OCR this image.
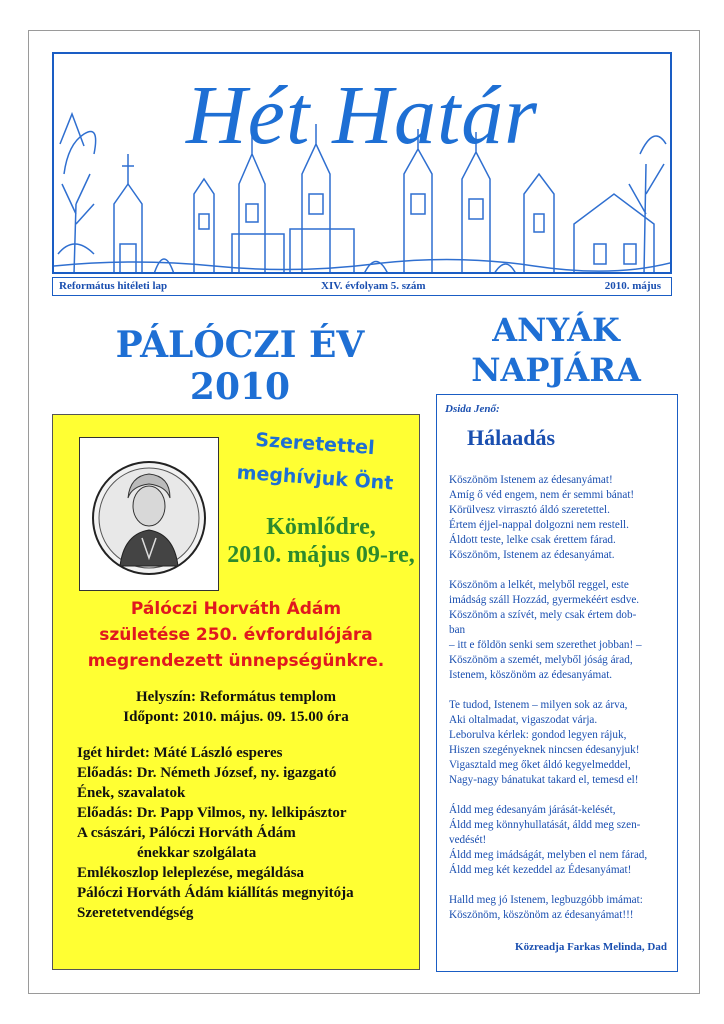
Hét Határ
Református hitéleti lap	XIV. évfolyam 5. szám	2010. május
PÁLÓCZI ÉV
2010
ANYÁK
NAPJÁRA
Szeretettel
meghívjuk Önt
Kömlődre,
2010. május 09-re,
Pálóczi Horváth Ádám
születése 250. évfordulójára
megrendezett ünnepségünkre.
Helyszín: Református templom
Időpont: 2010. május. 09. 15.00 óra
Igét hirdet: Máté László esperes
Előadás: Dr. Németh József, ny. igazgató
Ének, szavalatok
Előadás: Dr. Papp Vilmos, ny. lelkipásztor
A császári, Pálóczi Horváth Ádám
énekkar szolgálata
Emlékoszlop leleplezése, megáldása
Pálóczi Horváth Ádám kiállítás megnyitója
Szeretetvendégség
Dsida Jenő:
Hálaadás
Köszönöm Istenem az édesanyámat!
Amíg ő véd engem, nem ér semmi bánat!
Körülvesz virrasztó áldó szeretettel.
Értem éjjel-nappal dolgozni nem restell.
Áldott teste, lelke csak érettem fárad.
Köszönöm, Istenem az édesanyámat.
Köszönöm a lelkét, melyből reggel, este
imádság száll Hozzád, gyermekéért esdve.
Köszönöm a szívét, mely csak értem dob-
ban
– itt e földön senki sem szerethet jobban! –
Köszönöm a szemét, melyből jóság árad,
Istenem, köszönöm az édesanyámat.
Te tudod, Istenem – milyen sok az árva,
Aki oltalmadat, vigaszodat várja.
Leborulva kérlek: gondod legyen rájuk,
Hiszen szegényeknek nincsen édesanyjuk!
Vigasztald meg őket áldó kegyelmeddel,
Nagy-nagy bánatukat takard el, temesd el!
Áldd meg édesanyám járását-kelését,
Áldd meg könnyhullatását, áldd meg szen-
vedését!
Áldd meg imádságát, melyben el nem fárad,
Áldd meg két kezeddel az Édesanyámat!
Halld meg jó Istenem, legbuzgóbb imámat:
Köszönöm, köszönöm az édesanyámat!!!
Közreadja Farkas Melinda, Dad
